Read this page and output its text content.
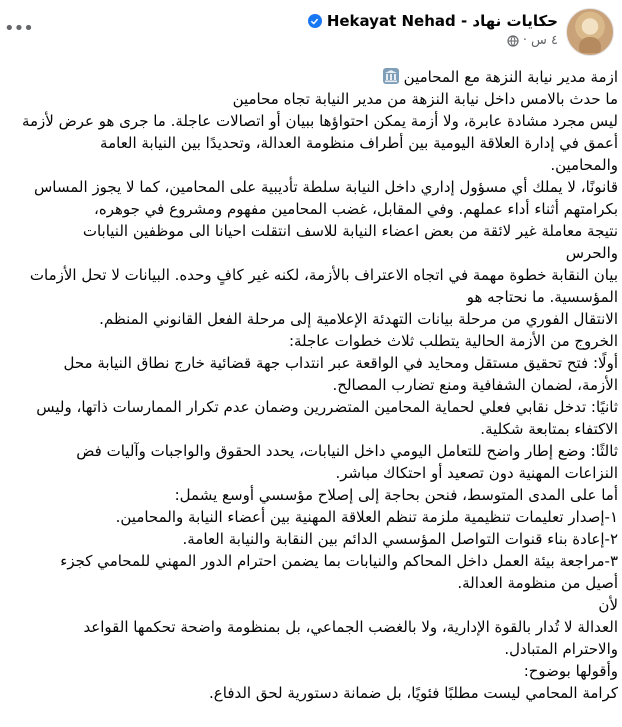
•••	Hekayat Nehad - حكايات نهاد
٤ س
·

ازمة مدير نيابة النزهة مع المحامين

ما حدث بالامس داخل نيابة النزهة من مدير النيابة تجاه محامين

ليس مجرد مشادة عابرة، ولا أزمة يمكن احتواؤها ببيان أو اتصالات عاجلة. ما جرى هو عرض لأزمة

أعمق في إدارة العلاقة اليومية بين أطراف منظومة العدالة، وتحديدًا بين النيابة العامة

والمحامين.

قانونًا، لا يملك أي مسؤول إداري داخل النيابة سلطة تأديبية على المحامين، كما لا يجوز المساس

بكرامتهم أثناء أداء عملهم. وفي المقابل، غضب المحامين مفهوم ومشروع في جوهره،

نتيجة معاملة غير لائقة من بعض اعضاء النيابة للاسف انتقلت احيانا الى موظفين النيابات

والحرس

بيان النقابة خطوة مهمة في اتجاه الاعتراف بالأزمة، لكنه غير كافٍ وحده. البيانات لا تحل الأزمات

المؤسسية. ما نحتاجه هو

الانتقال الفوري من مرحلة بيانات التهدئة الإعلامية إلى مرحلة الفعل القانوني المنظم.

الخروج من الأزمة الحالية يتطلب ثلاث خطوات عاجلة:

أولًا: فتح تحقيق مستقل ومحايد في الواقعة عبر انتداب جهة قضائية خارج نطاق النيابة محل

الأزمة، لضمان الشفافية ومنع تضارب المصالح.

ثانيًا: تدخل نقابي فعلي لحماية المحامين المتضررين وضمان عدم تكرار الممارسات ذاتها، وليس

الاكتفاء بمتابعة شكلية.

ثالثًا: وضع إطار واضح للتعامل اليومي داخل النيابات، يحدد الحقوق والواجبات وآليات فض

النزاعات المهنية دون تصعيد أو احتكاك مباشر.

أما على المدى المتوسط، فنحن بحاجة إلى إصلاح مؤسسي أوسع يشمل:

١-إصدار تعليمات تنظيمية ملزمة تنظم العلاقة المهنية بين أعضاء النيابة والمحامين.

٢-إعادة بناء قنوات التواصل المؤسسي الدائم بين النقابة والنيابة العامة.

٣-مراجعة بيئة العمل داخل المحاكم والنيابات بما يضمن احترام الدور المهني للمحامي كجزء

أصيل من منظومة العدالة.

لأن

العدالة لا تُدار بالقوة الإدارية، ولا بالغضب الجماعي، بل بمنظومة واضحة تحكمها القواعد

والاحترام المتبادل.

وأقولها بوضوح:

كرامة المحامي ليست مطلبًا فئويًا، بل ضمانة دستورية لحق الدفاع.
